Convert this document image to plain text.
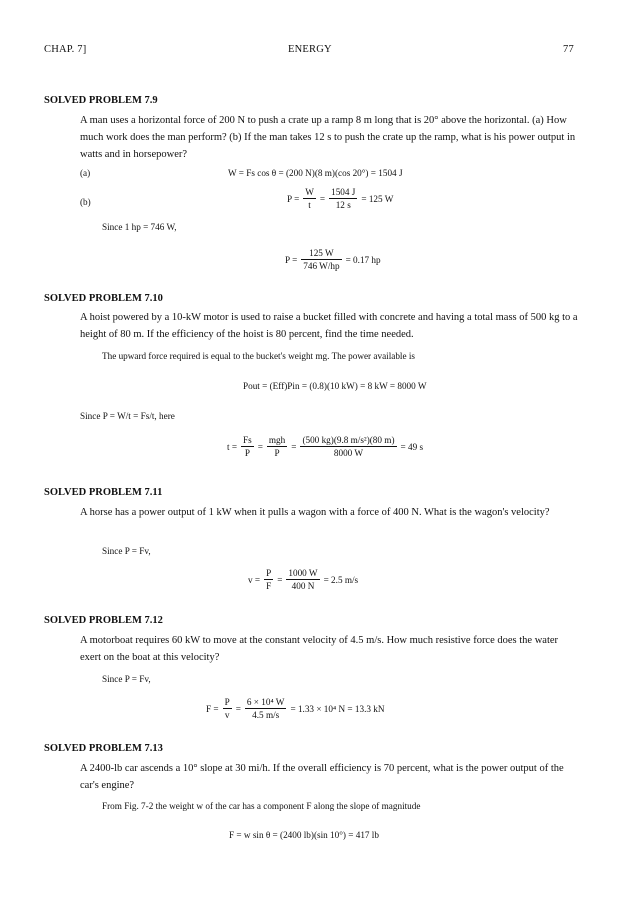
CHAP. 7]	ENERGY	77
SOLVED PROBLEM 7.9
A man uses a horizontal force of 200 N to push a crate up a ramp 8 m long that is 20° above the horizontal. (a) How much work does the man perform? (b) If the man takes 12 s to push the crate up the ramp, what is his power output in watts and in horsepower?
(a)	W = Fs cos θ = (200 N)(8 m)(cos 20°) = 1504 J
(b)	$P = \frac{W}{t} = \frac{1504 J}{12 s} = 125$ W
Since 1 hp = 746 W,
$P = \frac{125 W}{746 W/hp} = 0.17$ hp
SOLVED PROBLEM 7.10
A hoist powered by a 10-kW motor is used to raise a bucket filled with concrete and having a total mass of 500 kg to a height of 80 m. If the efficiency of the hoist is 80 percent, find the time needed.
The upward force required is equal to the bucket's weight mg. The power available is
Pout = (Eff)Pin = (0.8)(10 kW) = 8 kW = 8000 W
Since P = W/t = Fs/t, here
$t = \frac{Fs}{P} = \frac{\text{mgh}}{P} = \frac{\text{(500 kg)(9.8 m/s²)(80 m)}}{8000 W} = 49$ s
SOLVED PROBLEM 7.11
A horse has a power output of 1 kW when it pulls a wagon with a force of 400 N. What is the wagon's velocity?
Since P = Fv,
$v = \frac{P}{F} = \frac{1000 W}{400 N} = 2.5$ m/s
SOLVED PROBLEM 7.12
A motorboat requires 60 kW to move at the constant velocity of 4.5 m/s. How much resistive force does the water exert on the boat at this velocity?
Since P = Fv,
$F = \frac{P}{v} = \frac{\text{6 × 10⁴ W}}{4.5 m/s} = 1.33 \times 10^4$ N = 13.3 kN
SOLVED PROBLEM 7.13
A 2400-lb car ascends a 10° slope at 30 mi/h. If the overall efficiency is 70 percent, what is the power output of the car's engine?
From Fig. 7-2 the weight w of the car has a component F along the slope of magnitude
F = w sin θ = (2400 lb)(sin 10°) = 417 lb
